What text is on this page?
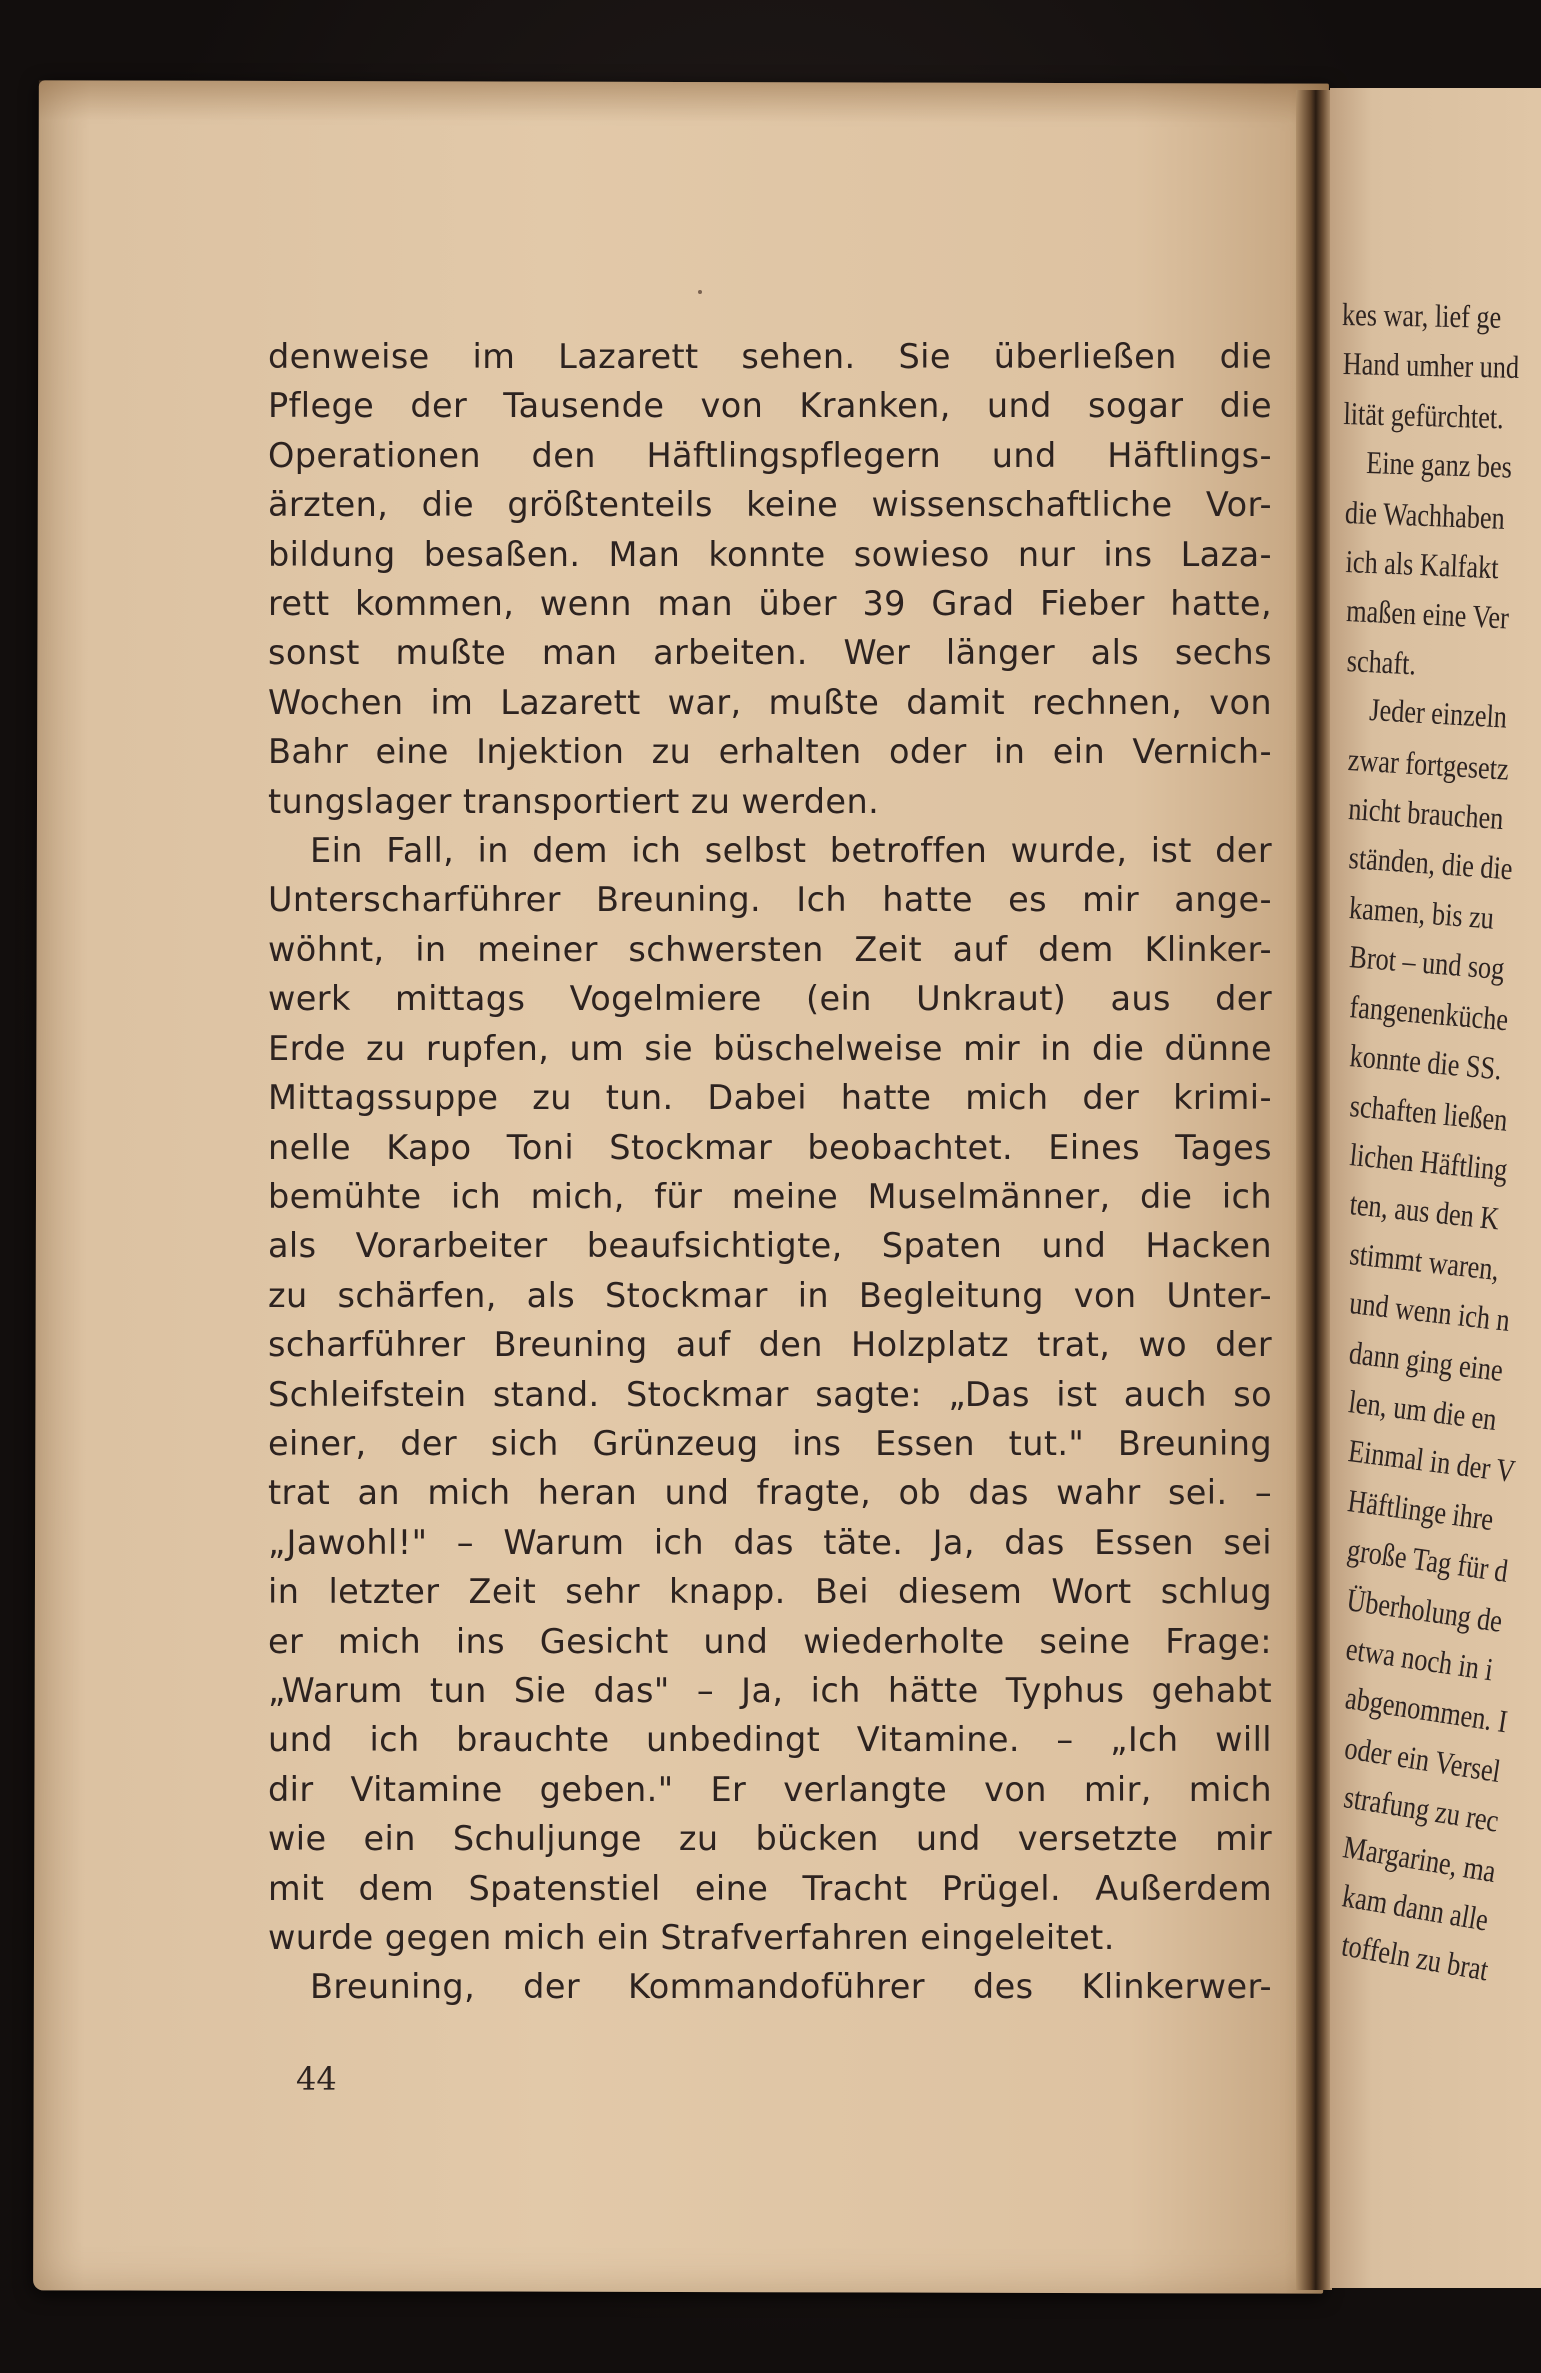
denweise im Lazarett sehen. Sie überließen die
Pflege der Tausende von Kranken, und sogar die
Operationen den Häftlingspflegern und Häftlings-
ärzten, die größtenteils keine wissenschaftliche Vor-
bildung besaßen. Man konnte sowieso nur ins Laza-
rett kommen, wenn man über 39 Grad Fieber hatte,
sonst mußte man arbeiten. Wer länger als sechs
Wochen im Lazarett war, mußte damit rechnen, von
Bahr eine Injektion zu erhalten oder in ein Vernich-
tungslager transportiert zu werden.
Ein Fall, in dem ich selbst betroffen wurde, ist der
Unterscharführer Breuning. Ich hatte es mir ange-
wöhnt, in meiner schwersten Zeit auf dem Klinker-
werk mittags Vogelmiere (ein Unkraut) aus der
Erde zu rupfen, um sie büschelweise mir in die dünne
Mittagssuppe zu tun. Dabei hatte mich der krimi-
nelle Kapo Toni Stockmar beobachtet. Eines Tages
bemühte ich mich, für meine Muselmänner, die ich
als Vorarbeiter beaufsichtigte, Spaten und Hacken
zu schärfen, als Stockmar in Begleitung von Unter-
scharführer Breuning auf den Holzplatz trat, wo der
Schleifstein stand. Stockmar sagte: „Das ist auch so
einer, der sich Grünzeug ins Essen tut." Breuning
trat an mich heran und fragte, ob das wahr sei. –
„Jawohl!" – Warum ich das täte. Ja, das Essen sei
in letzter Zeit sehr knapp. Bei diesem Wort schlug
er mich ins Gesicht und wiederholte seine Frage:
„Warum tun Sie das" – Ja, ich hätte Typhus gehabt
und ich brauchte unbedingt Vitamine. – „Ich will
dir Vitamine geben." Er verlangte von mir, mich
wie ein Schuljunge zu bücken und versetzte mir
mit dem Spatenstiel eine Tracht Prügel. Außerdem
wurde gegen mich ein Strafverfahren eingeleitet.
Breuning, der Kommandoführer des Klinkerwer-
44
kes war, lief ge
Hand umher und
lität gefürchtet.
Eine ganz bes
die Wachhaben
ich als Kalfakt
maßen eine Ver
schaft.
Jeder einzeln
zwar fortgesetz
nicht brauchen
ständen, die die
kamen, bis zu
Brot – und sog
fangenenküche
konnte die SS.
schaften ließen
lichen Häftling
ten, aus den K
stimmt waren,
und wenn ich n
dann ging eine
len, um die en
Einmal in der V
Häftlinge ihre
große Tag für d
Überholung de
etwa noch in i
abgenommen. I
oder ein Versel
strafung zu rec
Margarine, ma
kam dann alle
toffeln zu brat
